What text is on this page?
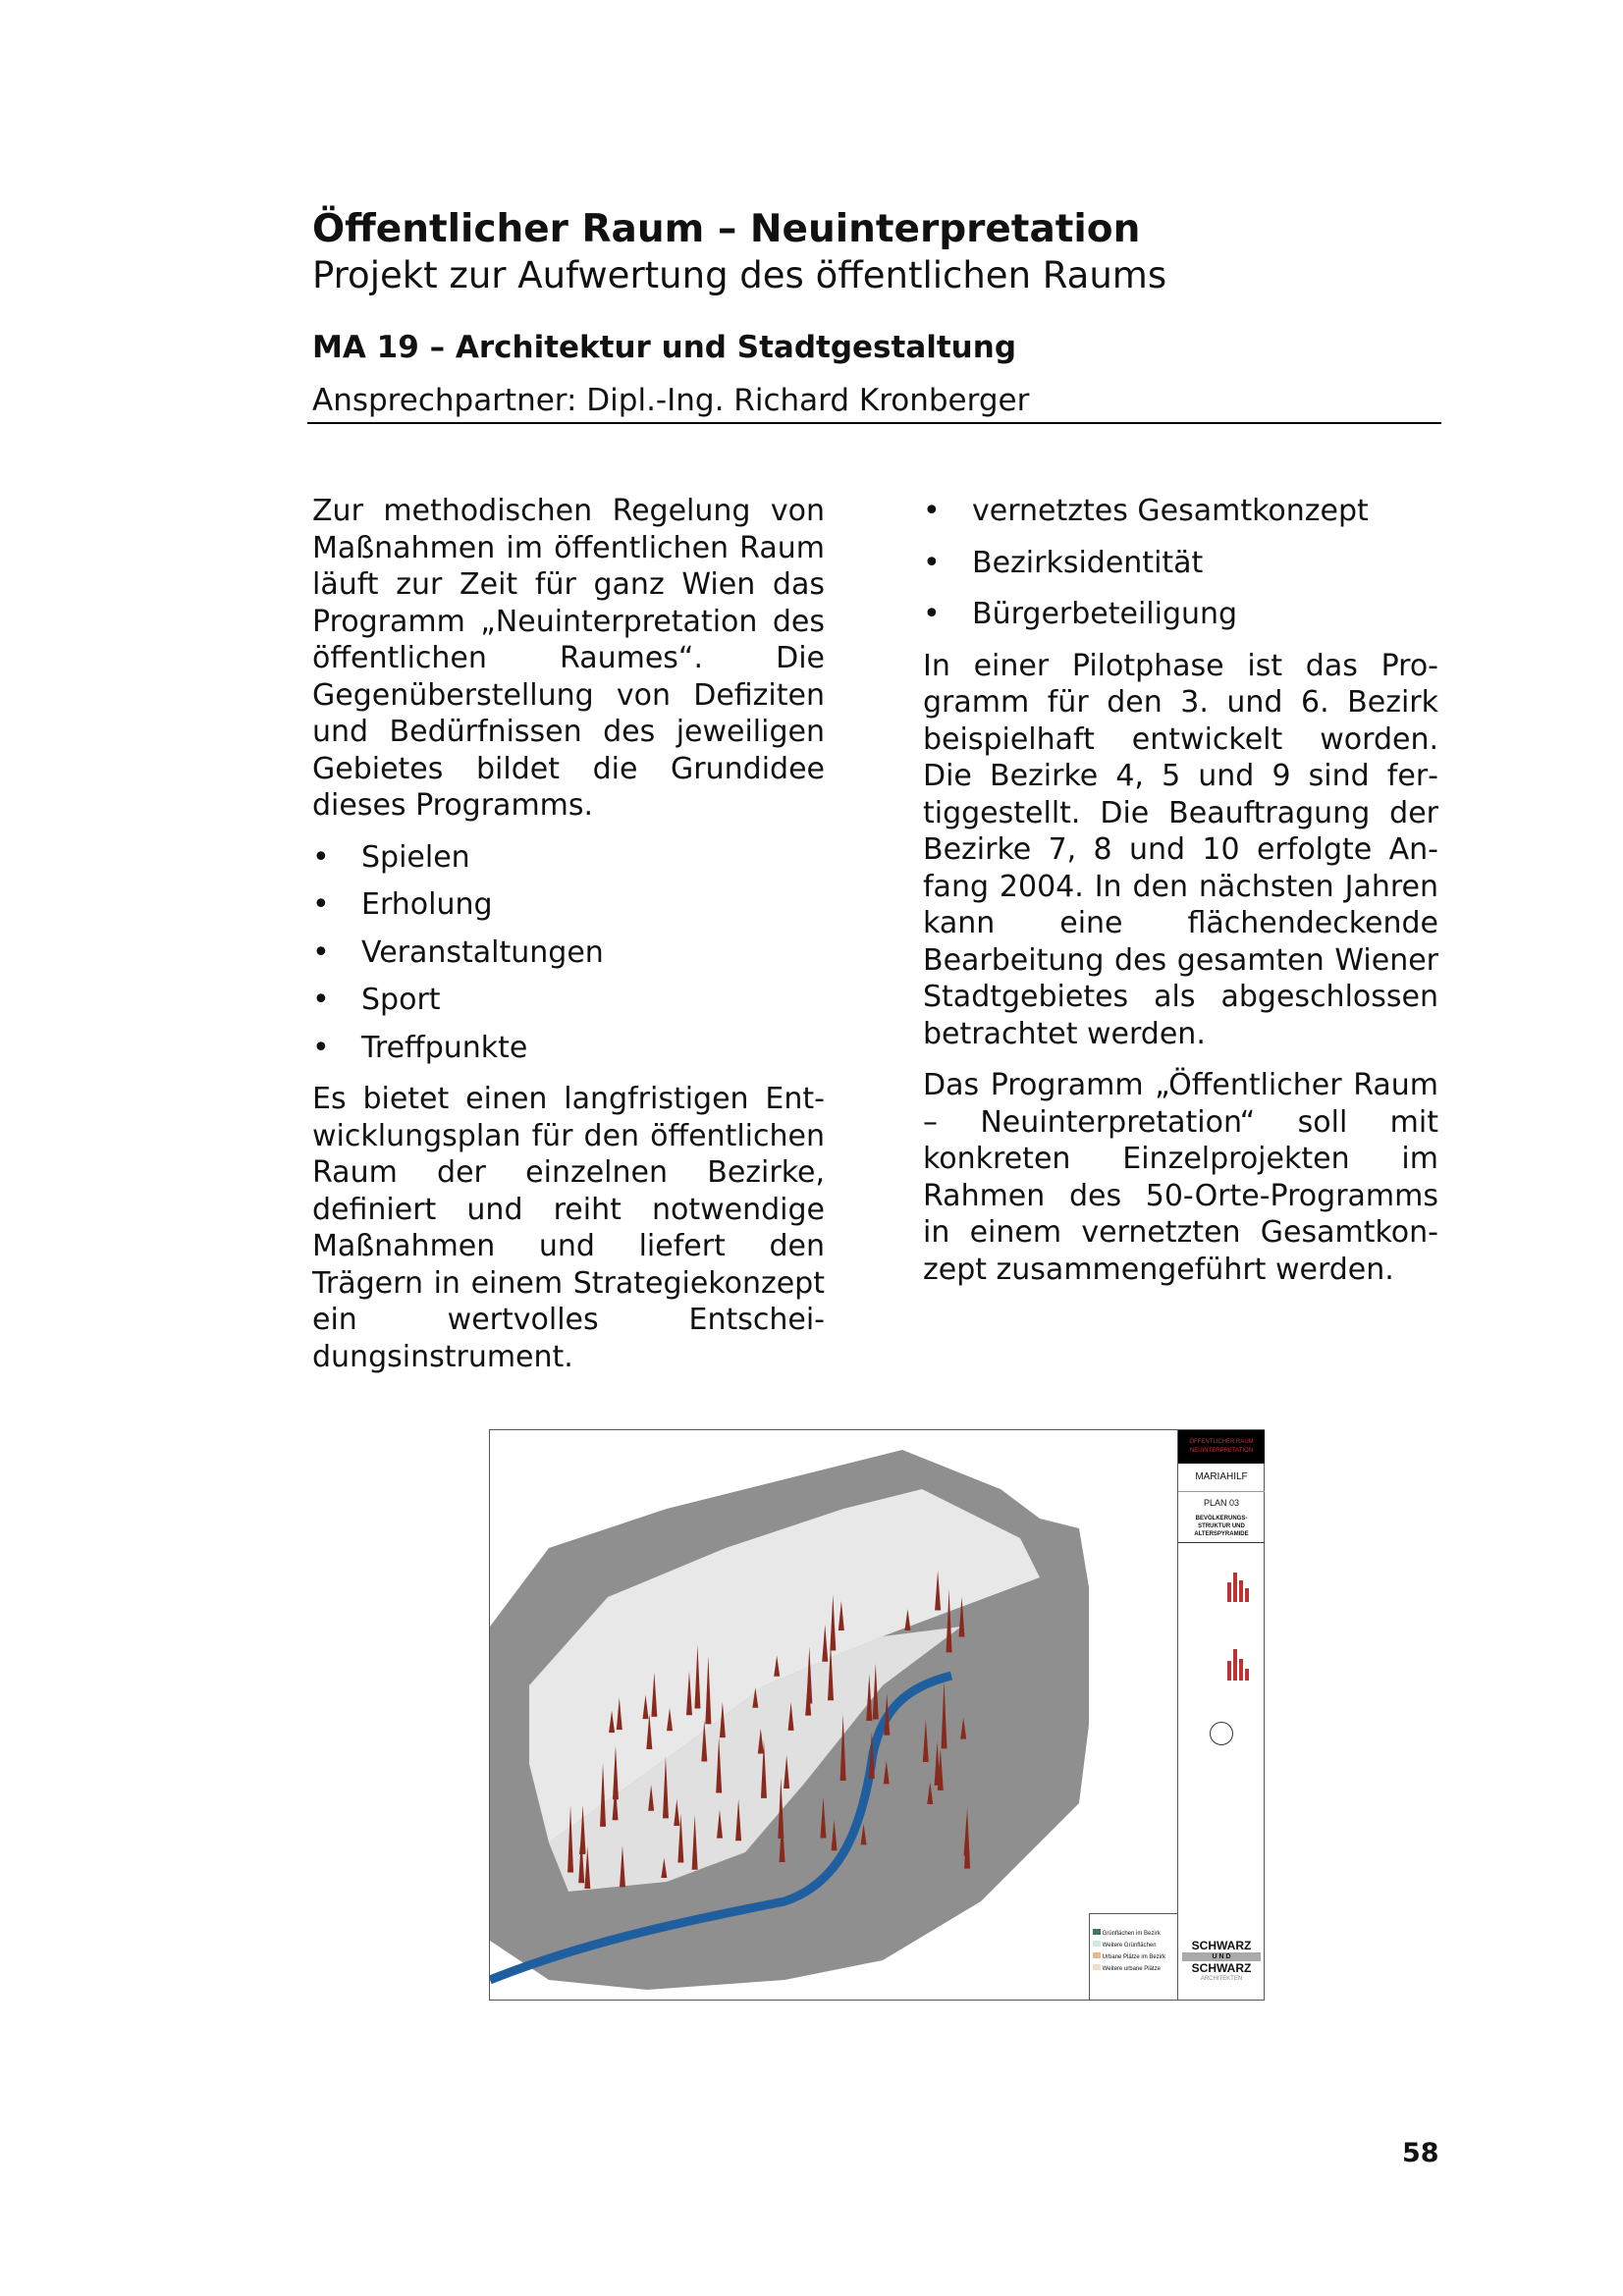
Öffentlicher Raum – Neuinterpretation
Projekt zur Aufwertung des öffentlichen Raums
MA 19 – Architektur und Stadtgestaltung
Ansprechpartner: Dipl.-Ing. Richard Kronberger

Zur methodischen Regelung von Maßnahmen im öffentlichen Raum läuft zur Zeit für ganz Wien das Programm „Neuinterpretation des öffentlichen Raumes“. Die Gegenüberstellung von Defiziten und Bedürfnissen des jeweiligen Gebietes bildet die Grundidee dieses Programms.

• Spielen
• Erholung
• Veranstaltungen
• Sport
• Treffpunkte

Es bietet einen langfristigen Entwicklungsplan für den öffentlichen Raum der einzelnen Bezirke, definiert und reiht notwendige Maßnahmen und liefert den Trägern in einem Strategiekonzept ein wertvolles Entscheidungsinstrument.

• vernetztes Gesamtkonzept
• Bezirksidentität
• Bürgerbeteiligung

In einer Pilotphase ist das Programm für den 3. und 6. Bezirk beispielhaft entwickelt worden. Die Bezirke 4, 5 und 9 sind fertiggestellt. Die Beauftragung der Bezirke 7, 8 und 10 erfolgte Anfang 2004. In den nächsten Jahren kann eine flächendeckende Bearbeitung des gesamten Wiener Stadtgebietes als abgeschlossen betrachtet werden.

Das Programm „Öffentlicher Raum – Neuinterpretation“ soll mit konkreten Einzelprojekten im Rahmen des 50-Orte-Programms in einem vernetzten Gesamtkonzept zusammengeführt werden.

ÖFFENTLICHER RAUM NEUINTERPRETATION
MARIAHILF
PLAN 03
BEVÖLKERUNGS-STRUKTUR UND ALTERSPYRAMIDE
SCHWARZ
U N D
SCHWARZ
ARCHITEKTEN
Grünflächen im Bezirk
Weitere Grünflächen
Urbane Plätze im Bezirk
Weitere urbane Plätze
58
